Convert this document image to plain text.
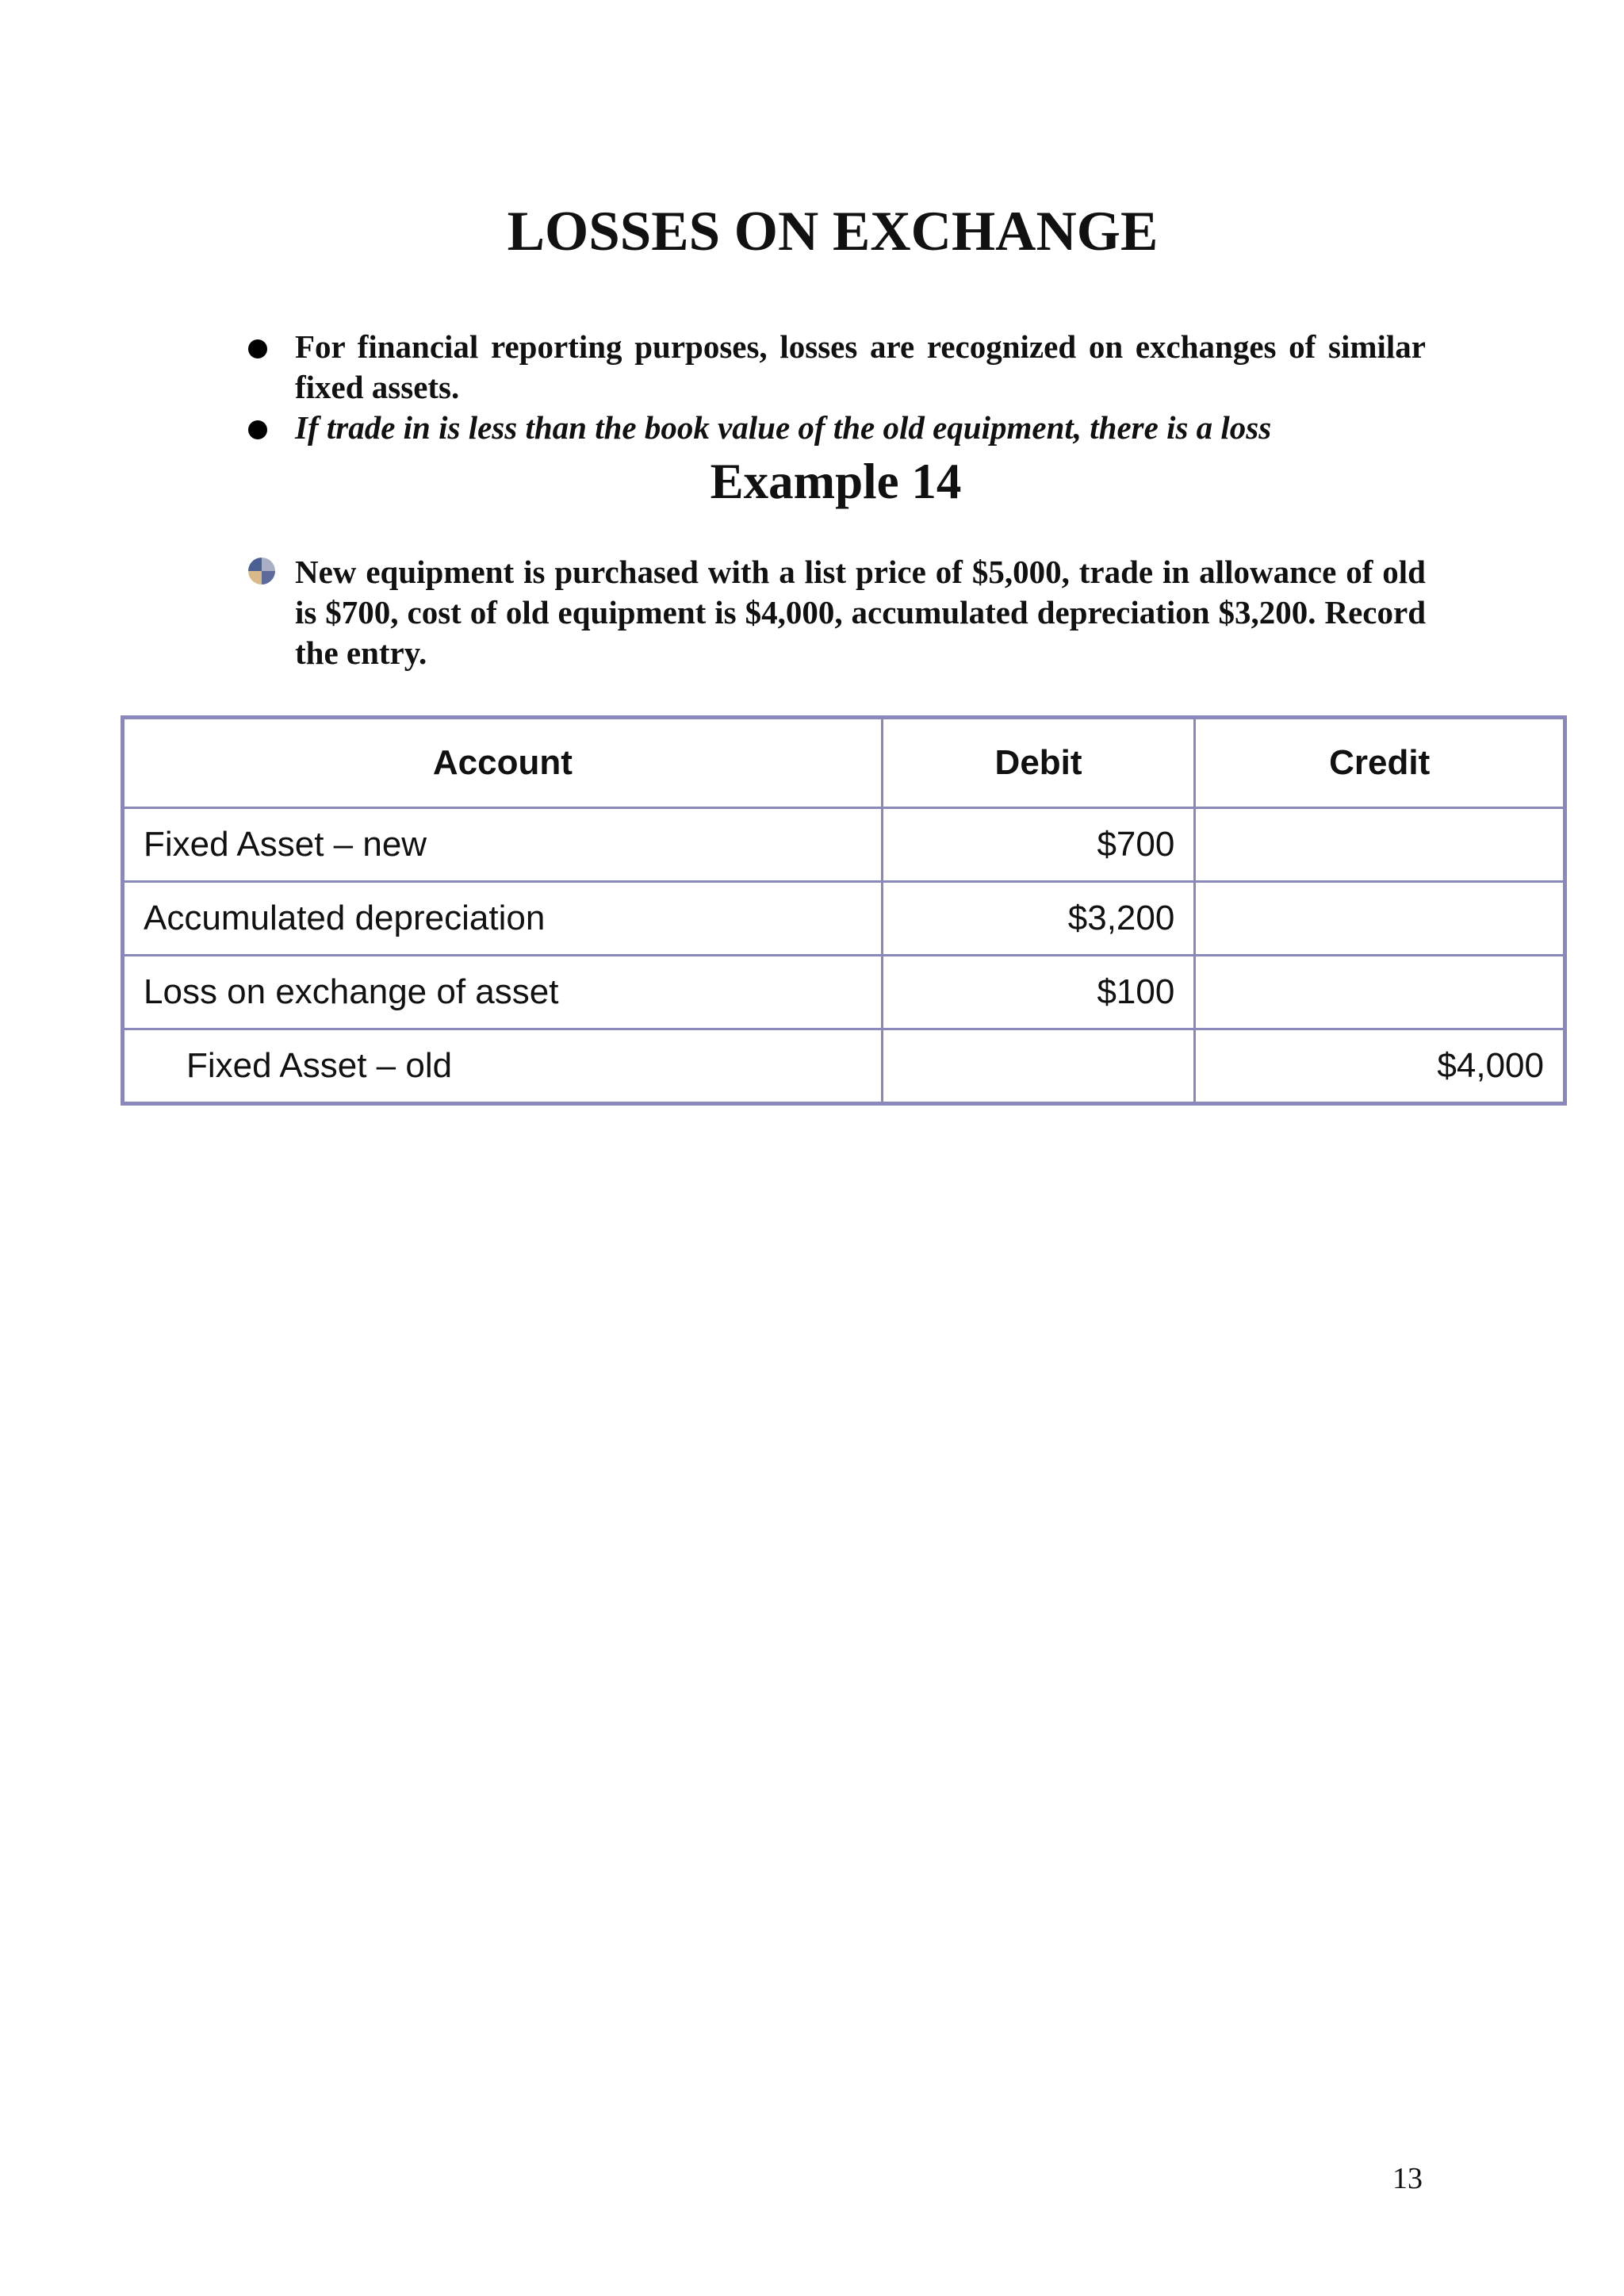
LOSSES ON EXCHANGE
For financial reporting purposes, losses are recognized on exchanges of similar fixed assets.
If trade in is less than the book value of the old equipment, there is a loss
Example 14

New equipment is purchased with a list price of $5,000, trade in allowance of old is $700, cost of old equipment is $4,000, accumulated depreciation $3,200. Record the entry.

Account	Debit	Credit
Fixed Asset – new	$700	
Accumulated depreciation	$3,200	
Loss on exchange of asset	$100	
Fixed Asset – old		$4,000
13
